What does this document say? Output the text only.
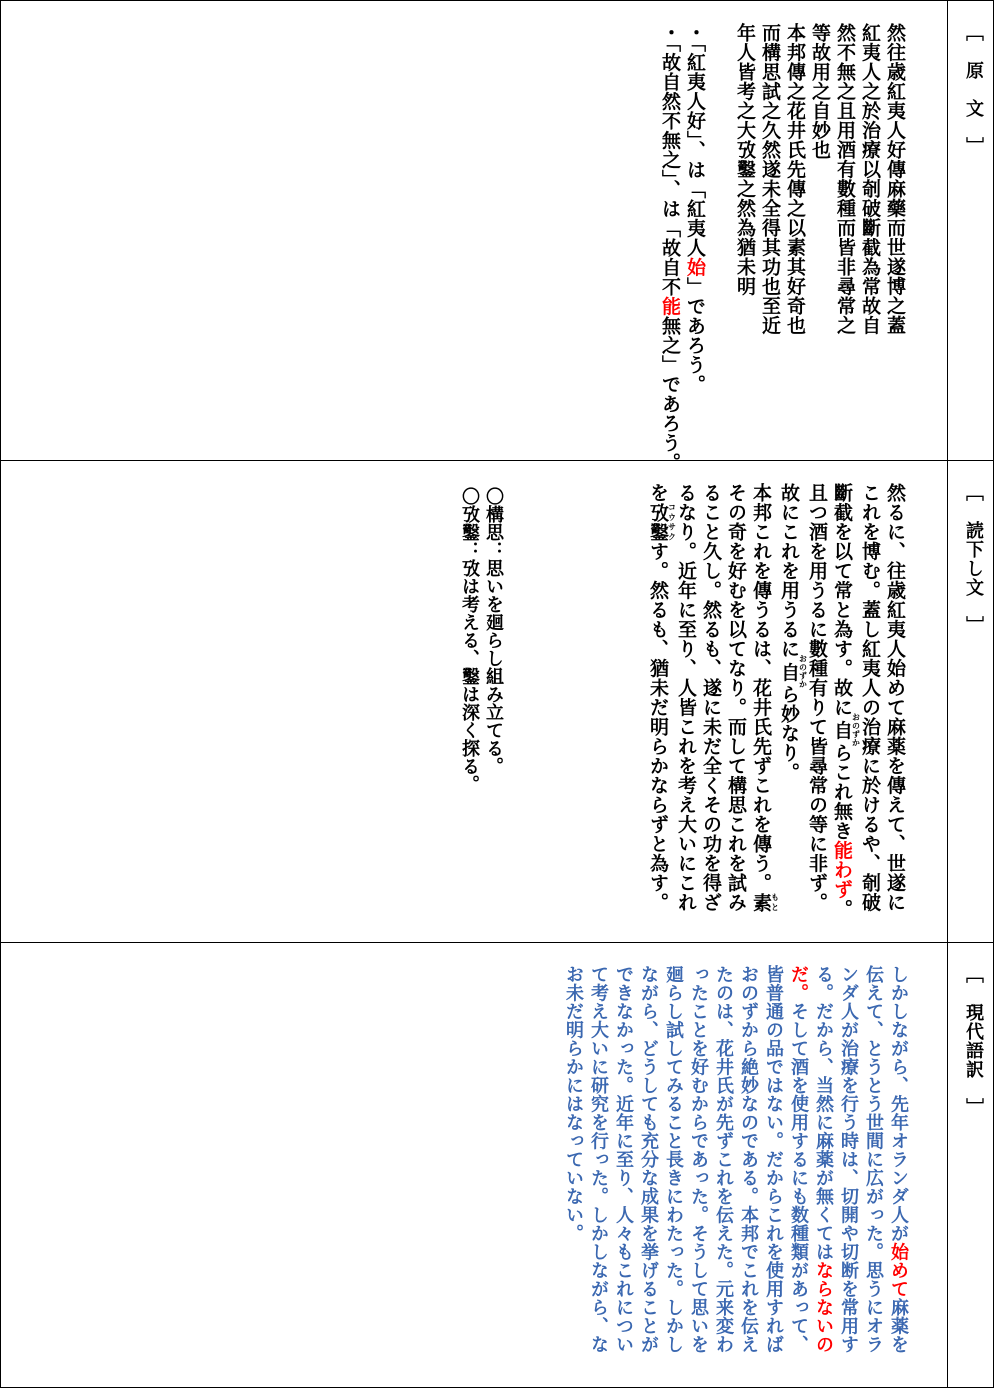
［　原　文　］
然往歳紅夷人好傳麻藥而世遂博之蓋
紅夷人之於治療以剞破斷截為常故自
然不無之且用酒有數種而皆非尋常之
等故用之自妙也
本邦傳之花井氏先傳之以素其好奇也
而構思試之久然遂未全得其功也至近
年人皆考之大攷鑿之然為猶未明
・「紅夷人好」、は「紅夷人始」であろう。
・「故自然不無之」、は「故自不能無之」であろう。
［　読下し文　］
然るに、往歳紅夷人始めて麻薬を傳えて、世遂にこれを博む。蓋し紅夷人の治療に於けるや、剞破斷截を以て常と為す。故に自おのずからこれ無き能わず。且つ酒を用うるに數種有りて皆尋常の等に非ず。故にこれを用うるに自おのずから妙なり。
本邦これを傳うるは、花井氏先ずこれを傳う。素もとその奇を好むを以てなり。而して構思これを試みること久し。然るも、遂に未だ全くその功を得ざるなり。近年に至り、人皆これを考え大いにこれを攷鑿コウサクす。然るも、猶未だ明らかならずと為す。
〇構思：思いを廻らし組み立てる。
〇攷鑿：攷は考える、鑿は深く探る。
［　現代語訳　］
しかしながら、先年オランダ人が始めて麻薬を伝えて、とうとう世間に広がった。思うにオランダ人が治療を行う時は、切開や切断を常用する。だから、当然に麻薬が無くてはならないのだ。そして酒を使用するにも数種類があって、皆普通の品ではない。だからこれを使用すればおのずから絶妙なのである。本邦でこれを伝えたのは、花井氏が先ずこれを伝えた。元来変わったことを好むからであった。そうして思いを廻らし試してみること長きにわたった。しかしながら、どうしても充分な成果を挙げることができなかった。近年に至り、人々もこれについて考え大いに研究を行った。しかしながら、なお未だ明らかにはなっていない。
